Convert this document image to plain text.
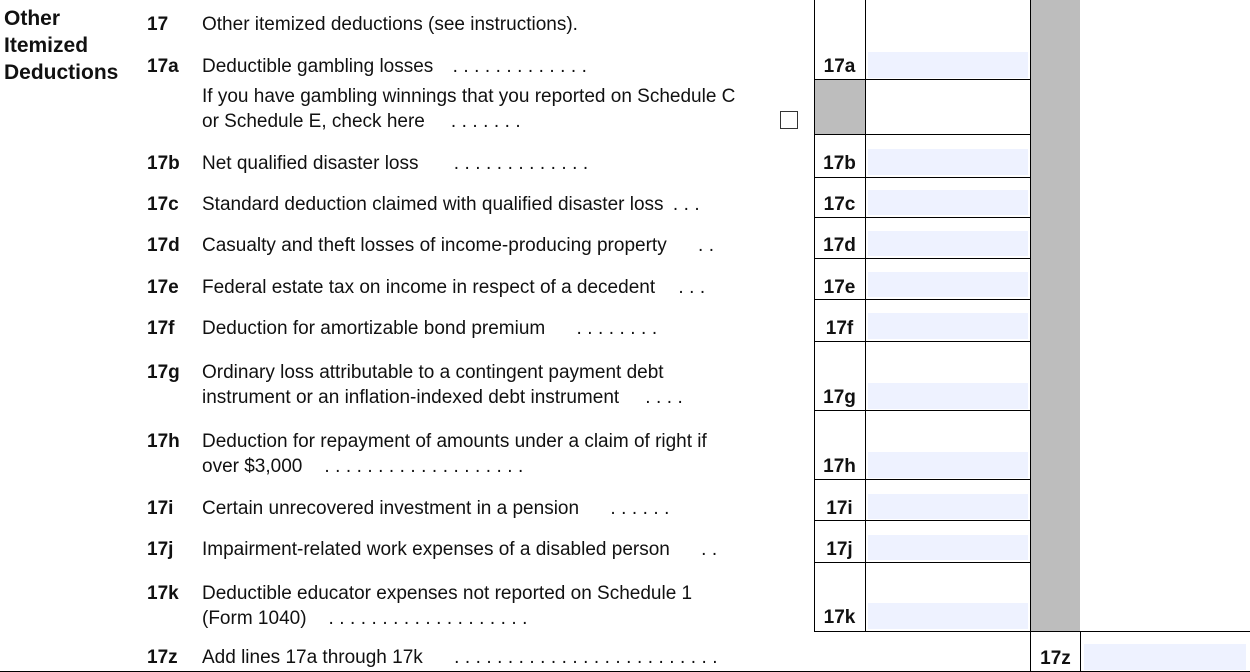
Other
Itemized
Deductions
17 Other itemized deductions (see instructions).
17a Deductible gambling losses . . . . . . . . . . . . .	17a
If you have gambling winnings that you reported on Schedule C
or Schedule E, check here . . . . . . .
17b Net qualified disaster loss . . . . . . . . . . . . .	17b
17c Standard deduction claimed with qualified disaster loss . . .	17c
17d Casualty and theft losses of income-producing property . .	17d
17e Federal estate tax on income in respect of a decedent . . .	17e
17f Deduction for amortizable bond premium . . . . . . . .	17f
17g Ordinary loss attributable to a contingent payment debt
instrument or an inflation-indexed debt instrument . . . .	17g
17h Deduction for repayment of amounts under a claim of right if
over $3,000 . . . . . . . . . . . . . . . . . . .	17h
17i Certain unrecovered investment in a pension . . . . . .	17i
17j Impairment-related work expenses of a disabled person . .	17j
17k Deductible educator expenses not reported on Schedule 1
(Form 1040) . . . . . . . . . . . . . . . . . . .	17k
17z Add lines 17a through 17k . . . . . . . . . . . . . . . . . . . . . . . . .	17z
